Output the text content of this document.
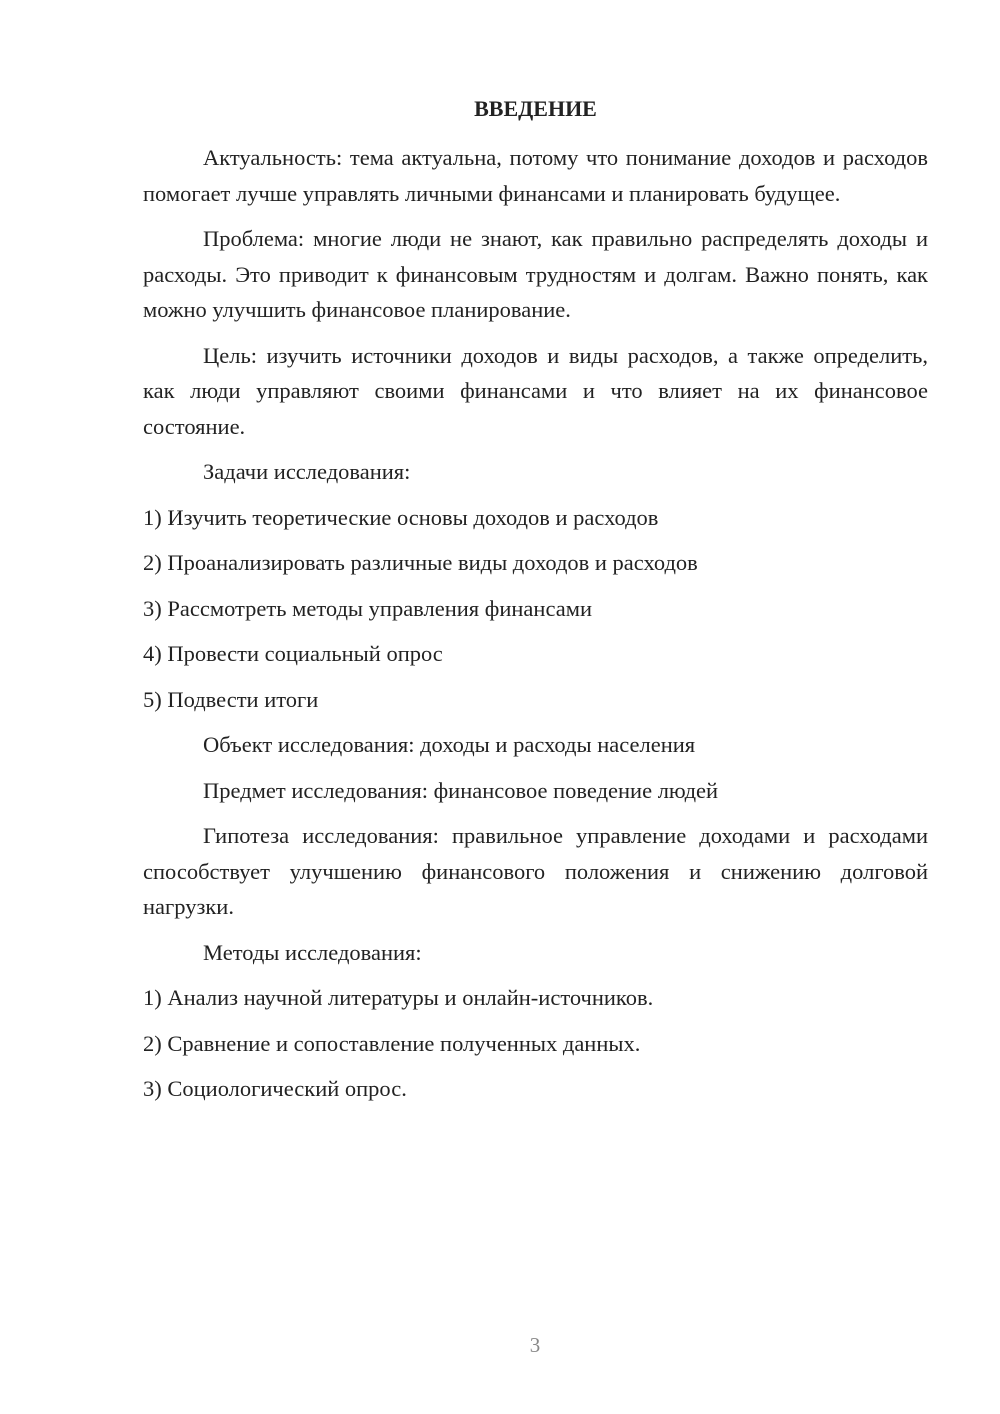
ВВЕДЕНИЕ

Актуальность: тема актуальна, потому что понимание доходов и расходов помогает лучше управлять личными финансами и планировать будущее.

Проблема: многие люди не знают, как правильно распределять доходы и расходы. Это приводит к финансовым трудностям и долгам. Важно понять, как можно улучшить финансовое планирование.

Цель: изучить источники доходов и виды расходов, а также определить, как люди управляют своими финансами и что влияет на их финансовое состояние.

Задачи исследования:
1) Изучить теоретические основы доходов и расходов
2) Проанализировать различные виды доходов и расходов
3) Рассмотреть методы управления финансами
4) Провести социальный опрос
5) Подвести итоги
Объект исследования: доходы и расходы населения
Предмет исследования: финансовое поведение людей

Гипотеза исследования: правильное управление доходами и расходами способствует улучшению финансового положения и снижению долговой нагрузки.

Методы исследования:
1) Анализ научной литературы и онлайн-источников.
2) Сравнение и сопоставление полученных данных.
3) Социологический опрос.
3
